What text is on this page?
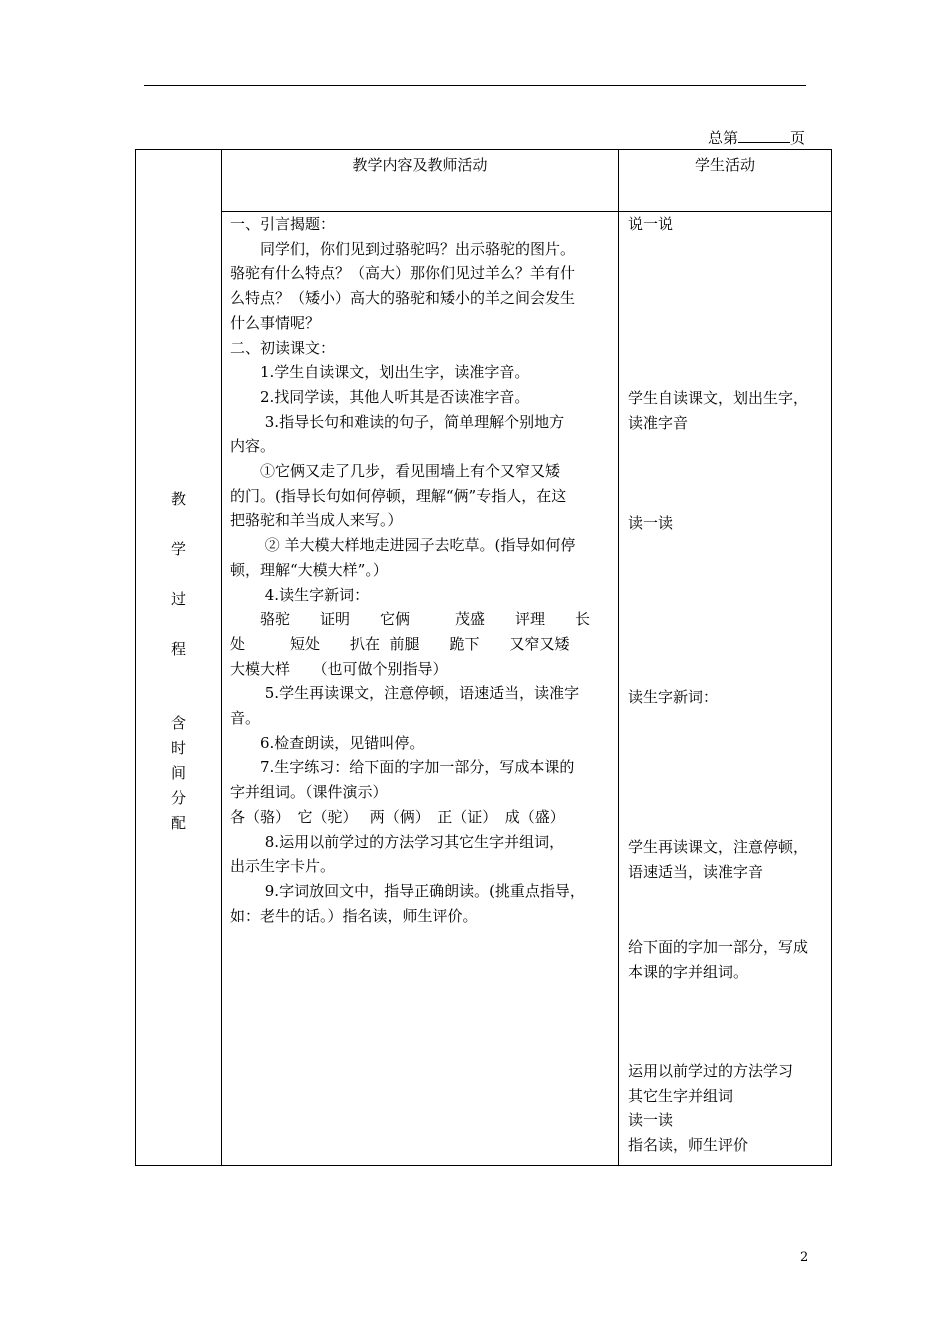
总第	页
教
学
过
程
含
时
间
分
配
教学内容及教师活动	学生活动

一、引言揭题：

　　同学们，你们见到过骆驼吗？出示骆驼的图片。

骆驼有什么特点？（高大）那你们见过羊么？羊有什

么特点？（矮小）高大的骆驼和矮小的羊之间会发生

什么事情呢？

二、初读课文：

　　1.学生自读课文，划出生字，读准字音。

　　2.找同学读，其他人听其是否读准字音。

　　 3.指导长句和难读的句子，简单理解个别地方

内容。

　　①它俩又走了几步，看见围墙上有个又窄又矮

的门。(指导长句如何停顿，理解“俩”专指人，在这

把骆驼和羊当成人来写。）

　　 ② 羊大模大样地走进园子去吃草。(指导如何停

顿，理解“大模大样”。）

　　 4.读生字新词：

　　骆驼　　证明　　它俩　　　茂盛　　评理　　长

处　　　短处　　扒在  前腿　　跪下　　又窄又矮

大模大样　　（也可做个别指导）

　　 5.学生再读课文，注意停顿，语速适当，读准字

音。

　　6.检查朗读，见错叫停。

　　7.生字练习：给下面的字加一部分，写成本课的

字并组词。（课件演示）

各（骆）　它（驼）　 两（俩）　正（证）　成（盛）

　　 8.运用以前学过的方法学习其它生字并组词，

出示生字卡片。

　　 9.字词放回文中，指导正确朗读。(挑重点指导，

如：老牛的话。）指名读，师生评价。

说一说

学生自读课文，划出生字，

读准字音

读一读

读生字新词：

学生再读课文，注意停顿，

语速适当，读准字音

给下面的字加一部分，写成

本课的字并组词。

运用以前学过的方法学习

其它生字并组词

读一读

指名读，师生评价

2
